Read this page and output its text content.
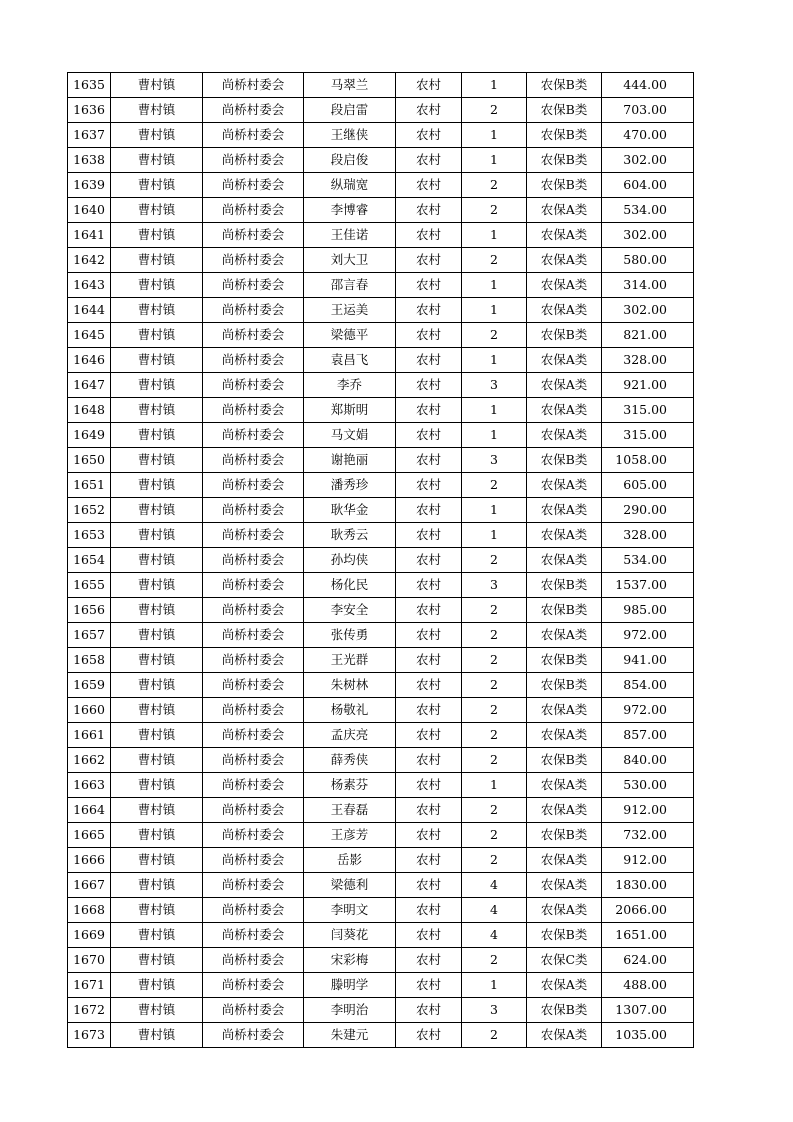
1635	曹村镇	尚桥村委会	马翠兰	农村	1	农保B类	444.00
1636	曹村镇	尚桥村委会	段启雷	农村	2	农保B类	703.00
1637	曹村镇	尚桥村委会	王继侠	农村	1	农保B类	470.00
1638	曹村镇	尚桥村委会	段启俊	农村	1	农保B类	302.00
1639	曹村镇	尚桥村委会	纵瑞宽	农村	2	农保B类	604.00
1640	曹村镇	尚桥村委会	李博睿	农村	2	农保A类	534.00
1641	曹村镇	尚桥村委会	王佳诺	农村	1	农保A类	302.00
1642	曹村镇	尚桥村委会	刘大卫	农村	2	农保A类	580.00
1643	曹村镇	尚桥村委会	邵言春	农村	1	农保A类	314.00
1644	曹村镇	尚桥村委会	王运美	农村	1	农保A类	302.00
1645	曹村镇	尚桥村委会	梁德平	农村	2	农保B类	821.00
1646	曹村镇	尚桥村委会	袁昌飞	农村	1	农保A类	328.00
1647	曹村镇	尚桥村委会	李乔	农村	3	农保A类	921.00
1648	曹村镇	尚桥村委会	郑斯明	农村	1	农保A类	315.00
1649	曹村镇	尚桥村委会	马文娟	农村	1	农保A类	315.00
1650	曹村镇	尚桥村委会	谢艳丽	农村	3	农保B类	1058.00
1651	曹村镇	尚桥村委会	潘秀珍	农村	2	农保A类	605.00
1652	曹村镇	尚桥村委会	耿华金	农村	1	农保A类	290.00
1653	曹村镇	尚桥村委会	耿秀云	农村	1	农保A类	328.00
1654	曹村镇	尚桥村委会	孙均侠	农村	2	农保A类	534.00
1655	曹村镇	尚桥村委会	杨化民	农村	3	农保B类	1537.00
1656	曹村镇	尚桥村委会	李安全	农村	2	农保B类	985.00
1657	曹村镇	尚桥村委会	张传勇	农村	2	农保A类	972.00
1658	曹村镇	尚桥村委会	王光群	农村	2	农保B类	941.00
1659	曹村镇	尚桥村委会	朱树林	农村	2	农保B类	854.00
1660	曹村镇	尚桥村委会	杨敬礼	农村	2	农保A类	972.00
1661	曹村镇	尚桥村委会	孟庆亮	农村	2	农保A类	857.00
1662	曹村镇	尚桥村委会	薛秀侠	农村	2	农保B类	840.00
1663	曹村镇	尚桥村委会	杨素芬	农村	1	农保A类	530.00
1664	曹村镇	尚桥村委会	王春磊	农村	2	农保A类	912.00
1665	曹村镇	尚桥村委会	王彦芳	农村	2	农保B类	732.00
1666	曹村镇	尚桥村委会	岳影	农村	2	农保A类	912.00
1667	曹村镇	尚桥村委会	梁德利	农村	4	农保A类	1830.00
1668	曹村镇	尚桥村委会	李明文	农村	4	农保A类	2066.00
1669	曹村镇	尚桥村委会	闫葵花	农村	4	农保B类	1651.00
1670	曹村镇	尚桥村委会	宋彩梅	农村	2	农保C类	624.00
1671	曹村镇	尚桥村委会	滕明学	农村	1	农保A类	488.00
1672	曹村镇	尚桥村委会	李明治	农村	3	农保B类	1307.00
1673	曹村镇	尚桥村委会	朱建元	农村	2	农保A类	1035.00
